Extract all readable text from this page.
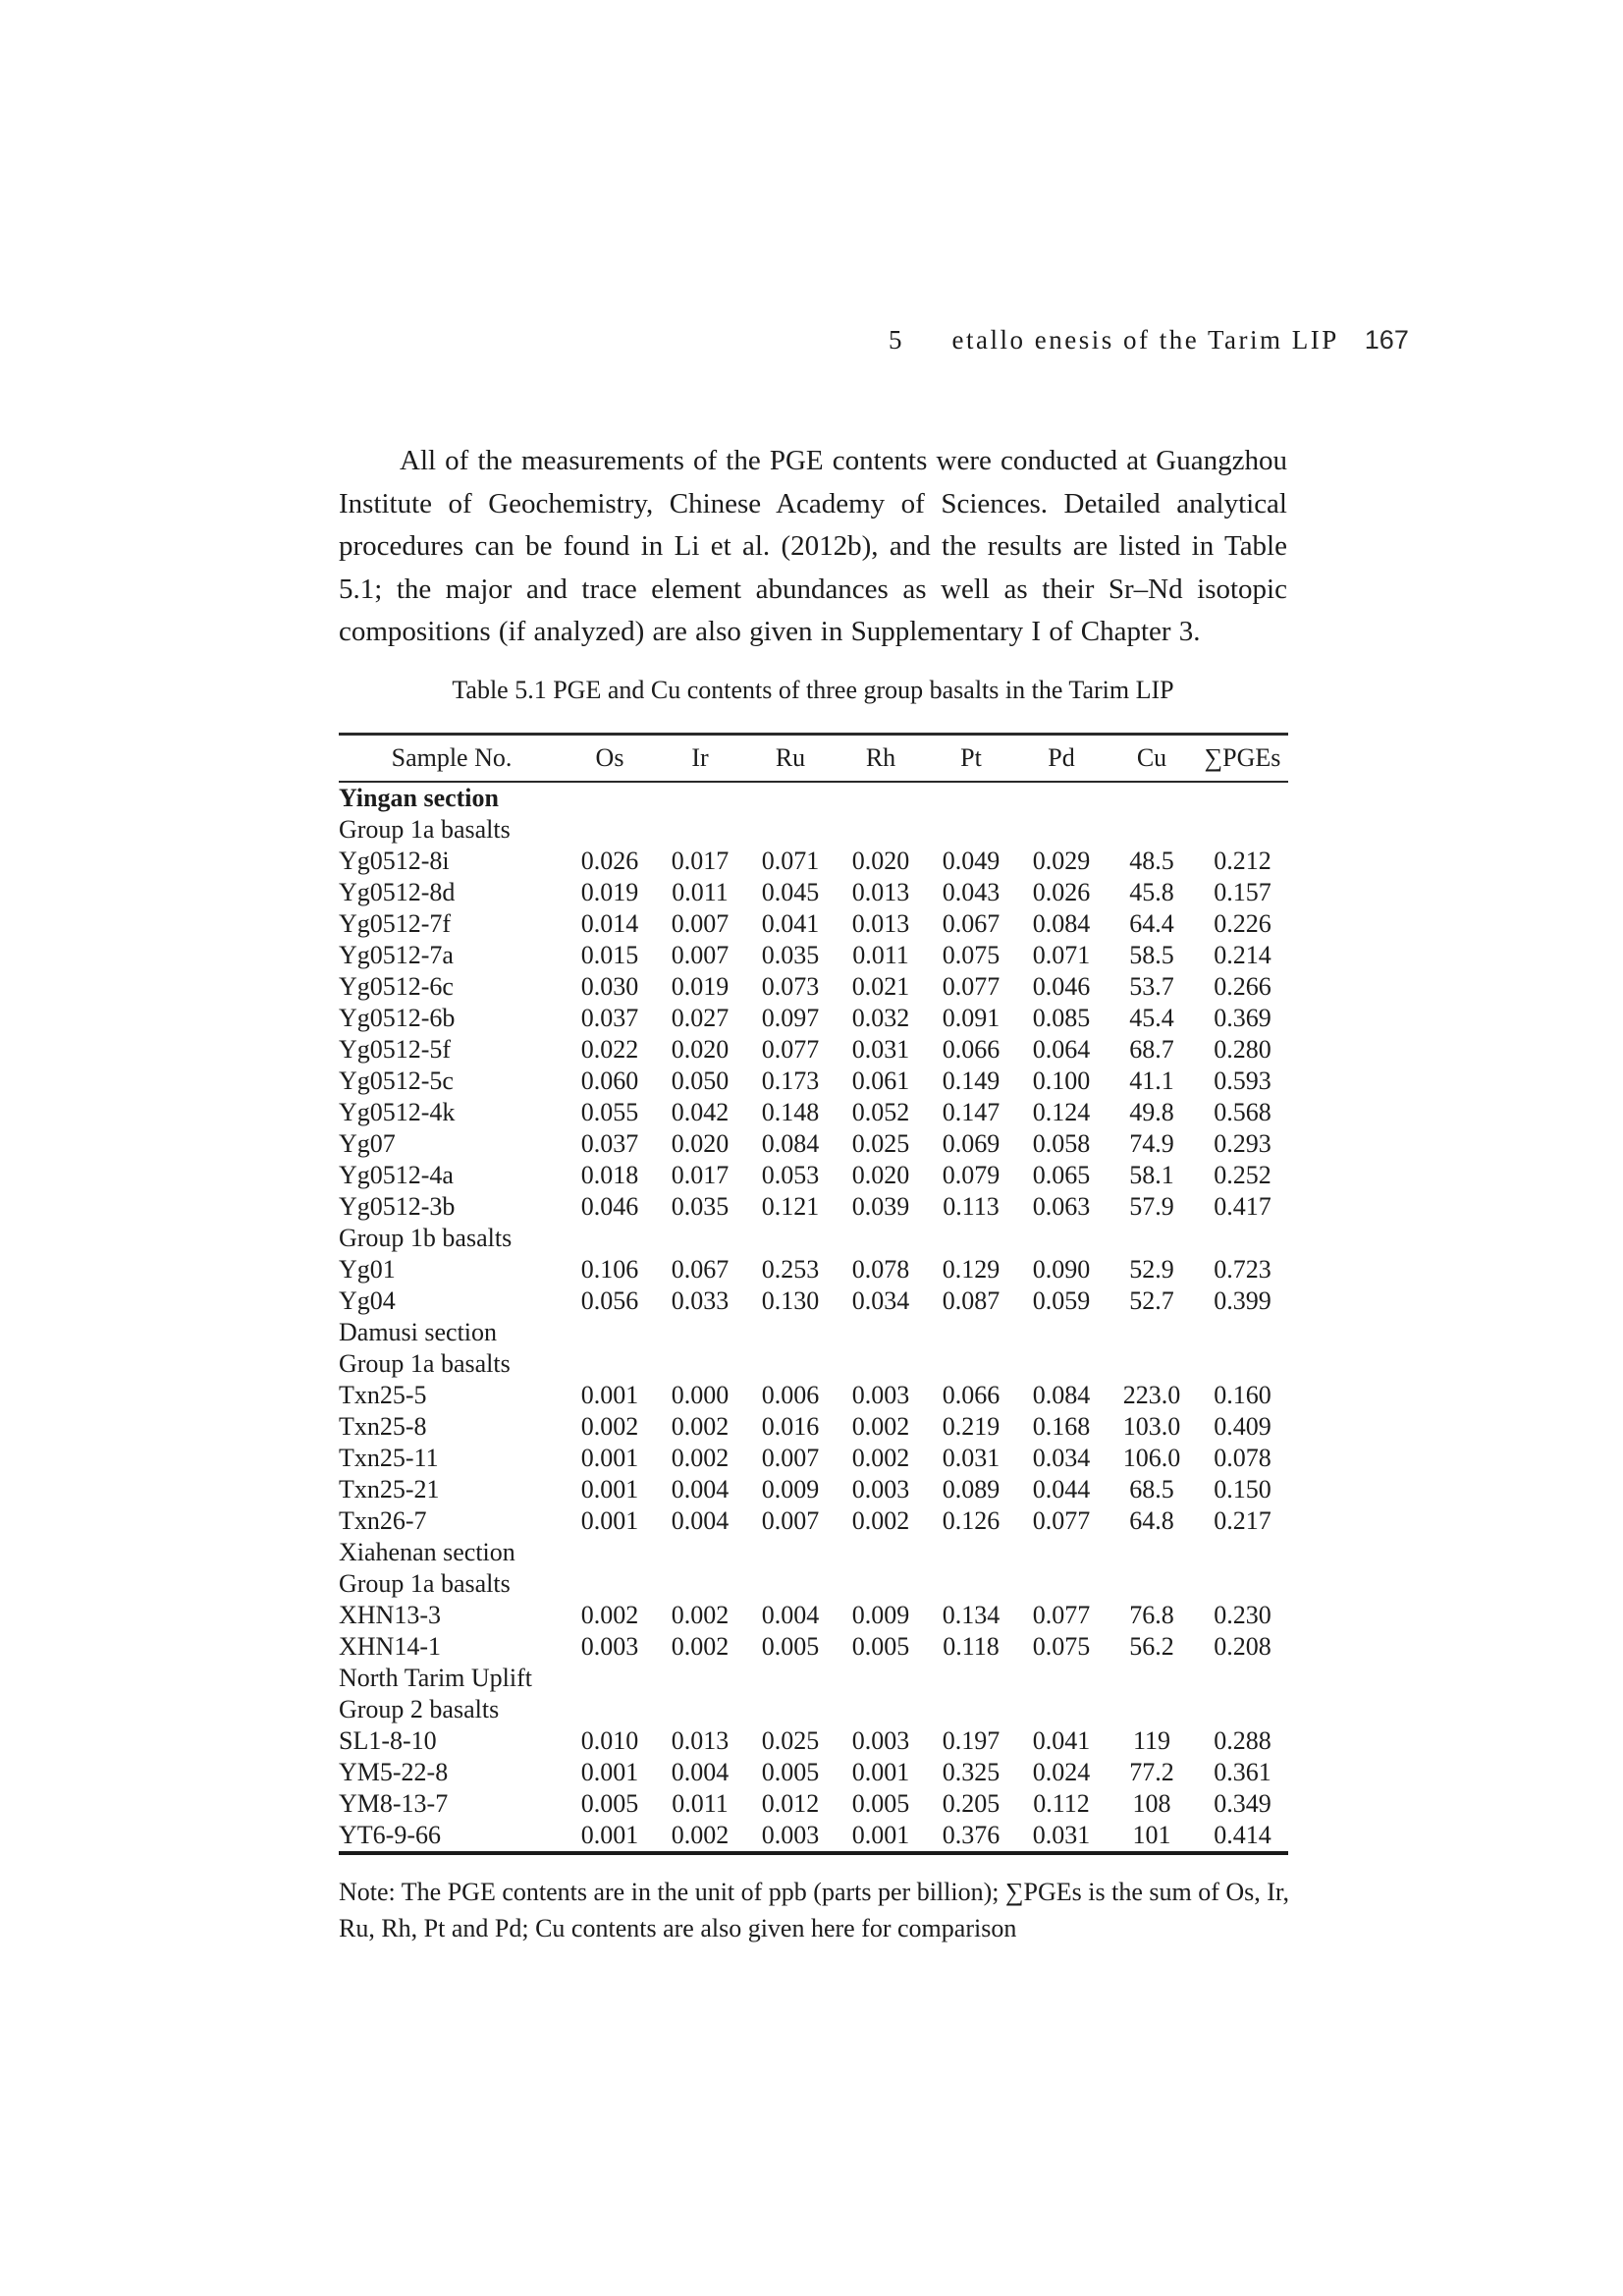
5 etallo enesis of the Tarim LIP 167

All of the measurements of the PGE contents were conducted at Guangzhou Institute of Geochemistry, Chinese Academy of Sciences. Detailed analytical procedures can be found in Li et al. (2012b), and the results are listed in Table 5.1; the major and trace element abundances as well as their Sr–Nd isotopic compositions (if analyzed) are also given in Supplementary I of Chapter 3.

Table 5.1 PGE and Cu contents of three group basalts in the Tarim LIP
Sample No.	Os	Ir	Ru	Rh	Pt	Pd	Cu	∑PGEs
Yingan section								
Group 1a basalts								
Yg0512-8i	0.026	0.017	0.071	0.020	0.049	0.029	48.5	0.212
Yg0512-8d	0.019	0.011	0.045	0.013	0.043	0.026	45.8	0.157
Yg0512-7f	0.014	0.007	0.041	0.013	0.067	0.084	64.4	0.226
Yg0512-7a	0.015	0.007	0.035	0.011	0.075	0.071	58.5	0.214
Yg0512-6c	0.030	0.019	0.073	0.021	0.077	0.046	53.7	0.266
Yg0512-6b	0.037	0.027	0.097	0.032	0.091	0.085	45.4	0.369
Yg0512-5f	0.022	0.020	0.077	0.031	0.066	0.064	68.7	0.280
Yg0512-5c	0.060	0.050	0.173	0.061	0.149	0.100	41.1	0.593
Yg0512-4k	0.055	0.042	0.148	0.052	0.147	0.124	49.8	0.568
Yg07	0.037	0.020	0.084	0.025	0.069	0.058	74.9	0.293
Yg0512-4a	0.018	0.017	0.053	0.020	0.079	0.065	58.1	0.252
Yg0512-3b	0.046	0.035	0.121	0.039	0.113	0.063	57.9	0.417
Group 1b basalts								
Yg01	0.106	0.067	0.253	0.078	0.129	0.090	52.9	0.723
Yg04	0.056	0.033	0.130	0.034	0.087	0.059	52.7	0.399
Damusi section								
Group 1a basalts								
Txn25-5	0.001	0.000	0.006	0.003	0.066	0.084	223.0	0.160
Txn25-8	0.002	0.002	0.016	0.002	0.219	0.168	103.0	0.409
Txn25-11	0.001	0.002	0.007	0.002	0.031	0.034	106.0	0.078
Txn25-21	0.001	0.004	0.009	0.003	0.089	0.044	68.5	0.150
Txn26-7	0.001	0.004	0.007	0.002	0.126	0.077	64.8	0.217
Xiahenan section								
Group 1a basalts								
XHN13-3	0.002	0.002	0.004	0.009	0.134	0.077	76.8	0.230
XHN14-1	0.003	0.002	0.005	0.005	0.118	0.075	56.2	0.208
North Tarim Uplift								
Group 2 basalts								
SL1-8-10	0.010	0.013	0.025	0.003	0.197	0.041	119	0.288
YM5-22-8	0.001	0.004	0.005	0.001	0.325	0.024	77.2	0.361
YM8-13-7	0.005	0.011	0.012	0.005	0.205	0.112	108	0.349
YT6-9-66	0.001	0.002	0.003	0.001	0.376	0.031	101	0.414

Note: The PGE contents are in the unit of ppb (parts per billion); ∑PGEs is the sum of Os, Ir, Ru, Rh, Pt and Pd; Cu contents are also given here for comparison
